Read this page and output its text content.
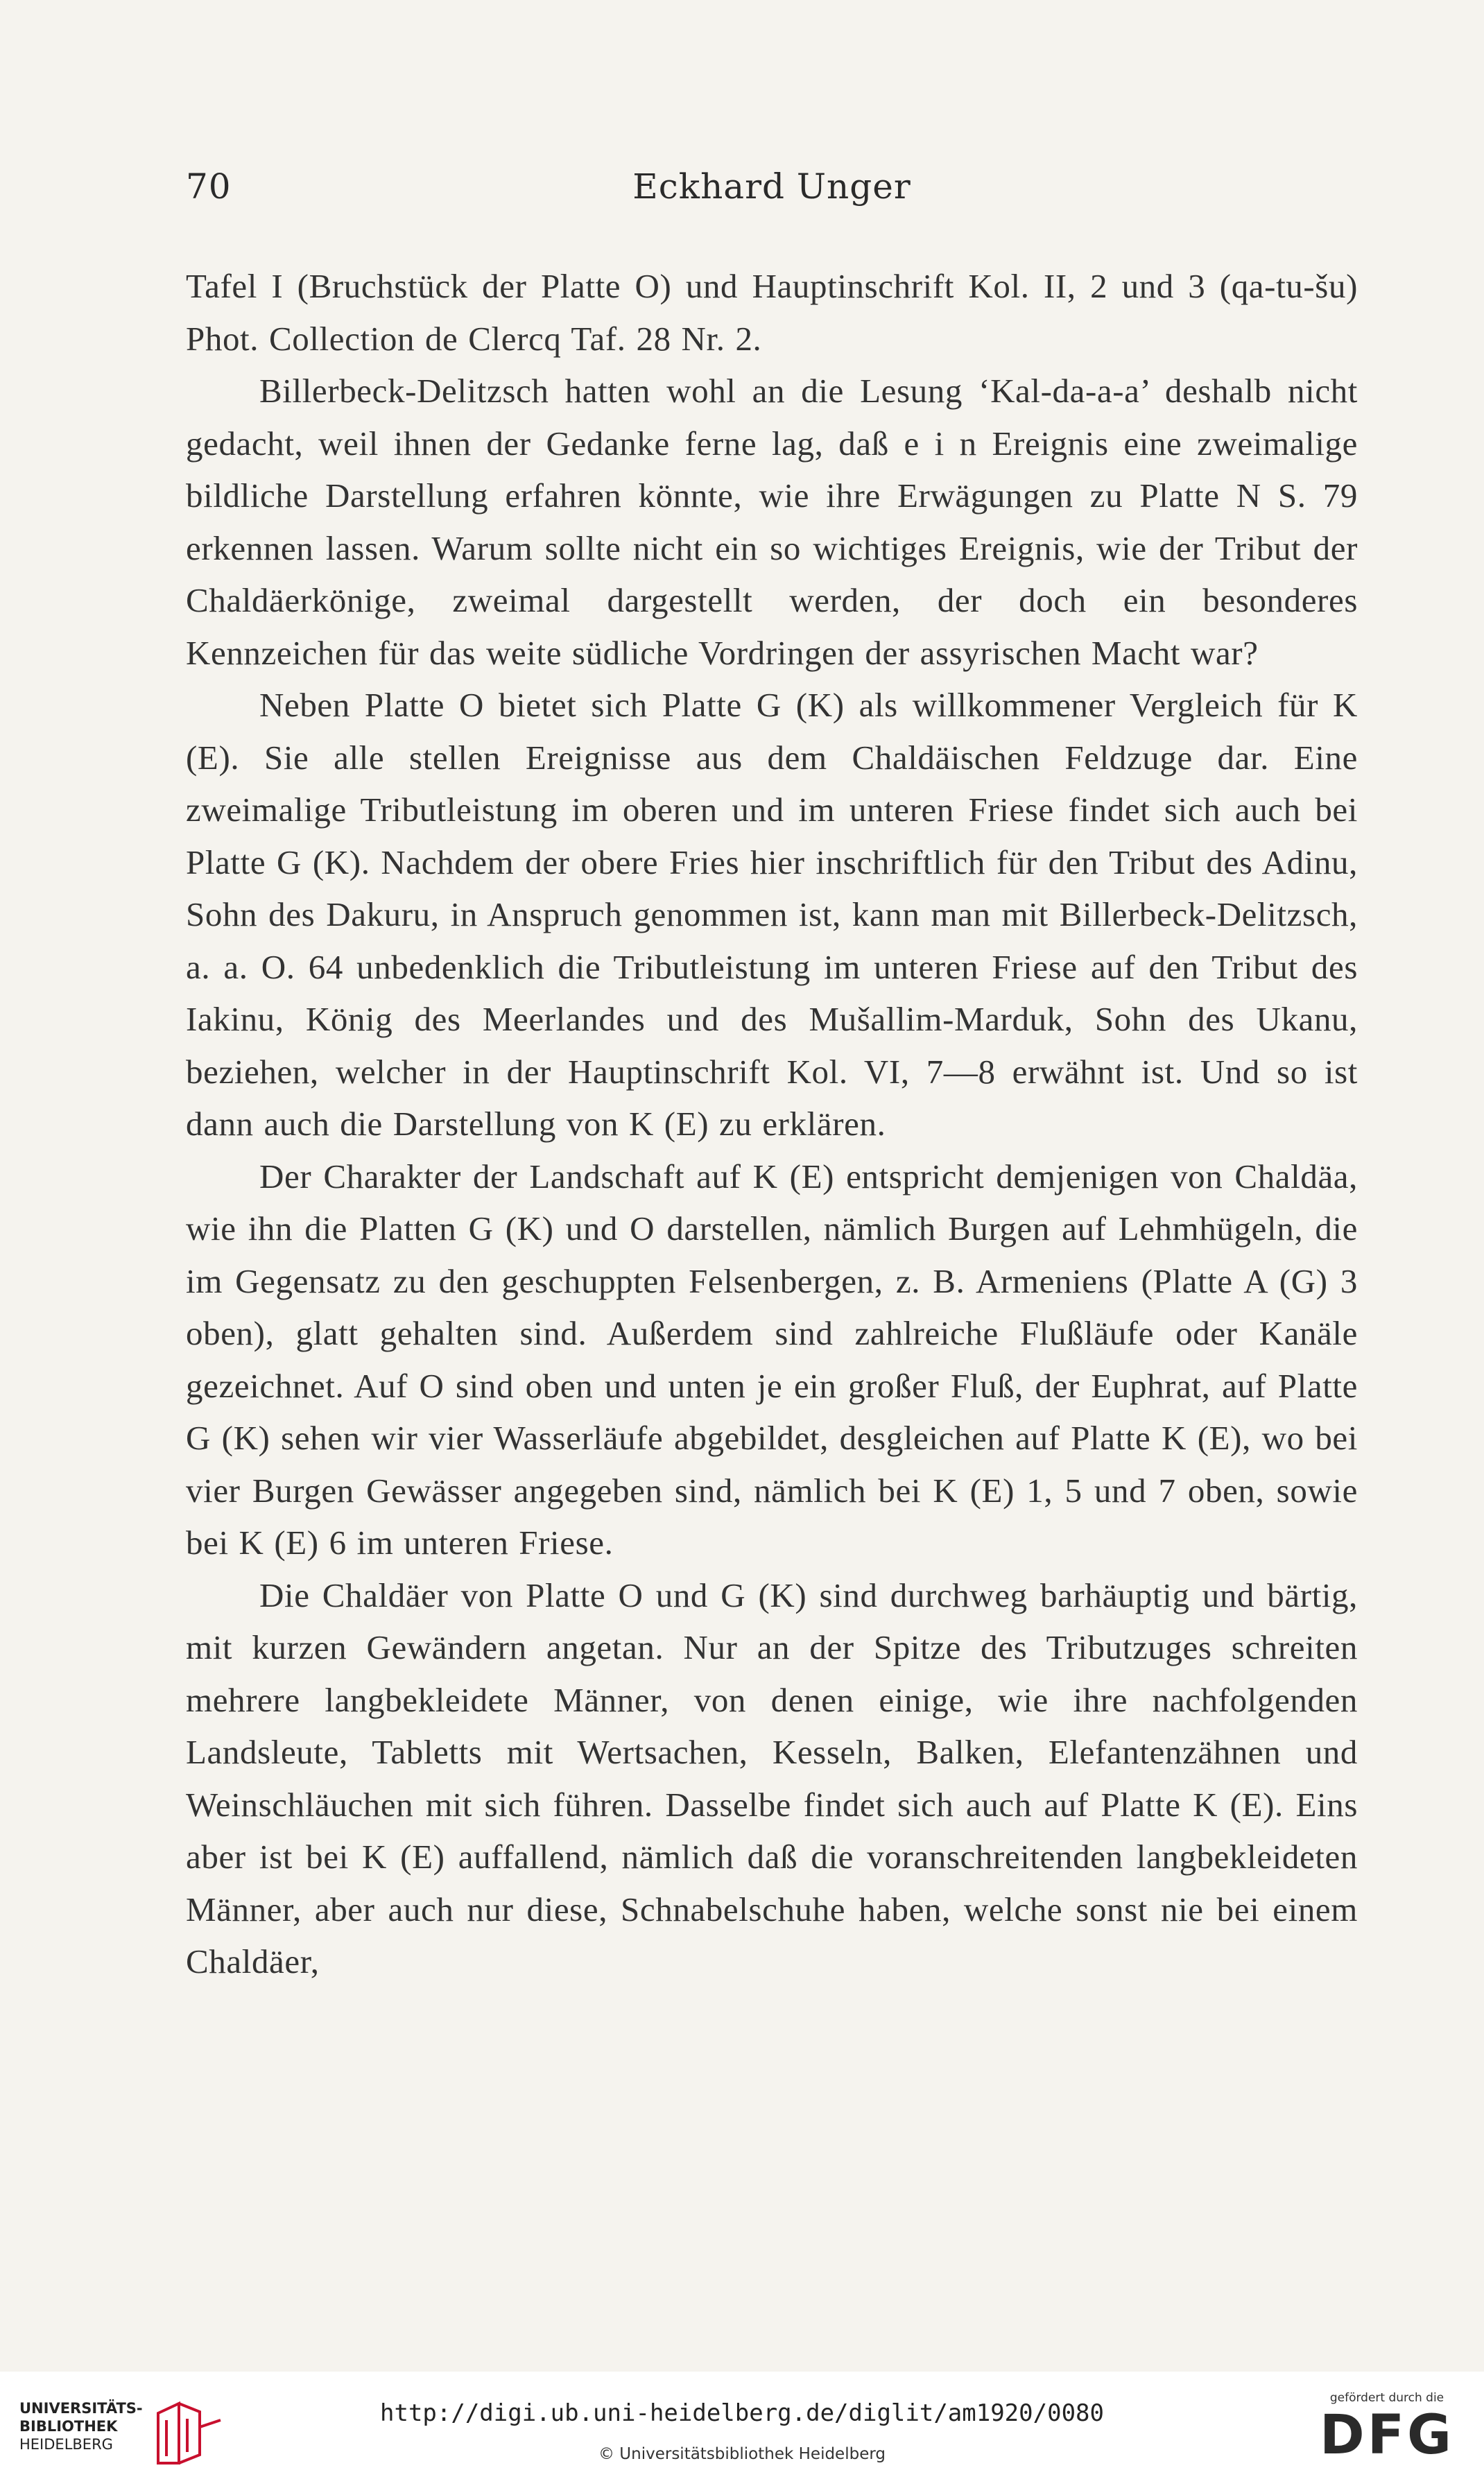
70	Eckhard Unger

Tafel I (Bruchstück der Platte O) und Hauptinschrift Kol. II, 2 und 3 (qa-tu-šu) Phot. Collection de Clercq Taf. 28 Nr. 2.

Billerbeck-Delitzsch hatten wohl an die Lesung ‘Kal-da-a-a’ deshalb nicht gedacht, weil ihnen der Gedanke ferne lag, daß e i n Ereignis eine zweimalige bildliche Darstellung erfahren könnte, wie ihre Erwägungen zu Platte N S. 79 erkennen lassen. Warum sollte nicht ein so wichtiges Ereignis, wie der Tribut der Chaldäerkönige, zweimal dargestellt werden, der doch ein besonderes Kennzeichen für das weite südliche Vordringen der assyrischen Macht war?

Neben Platte O bietet sich Platte G (K) als willkommener Vergleich für K (E). Sie alle stellen Ereignisse aus dem Chaldäischen Feldzuge dar. Eine zweimalige Tributleistung im oberen und im unteren Friese findet sich auch bei Platte G (K). Nachdem der obere Fries hier inschriftlich für den Tribut des Adinu, Sohn des Dakuru, in Anspruch genommen ist, kann man mit Billerbeck-Delitzsch, a. a. O. 64 unbedenklich die Tributleistung im unteren Friese auf den Tribut des Iakinu, König des Meerlandes und des Mušallim-Marduk, Sohn des Ukanu, beziehen, welcher in der Hauptinschrift Kol. VI, 7—8 erwähnt ist. Und so ist dann auch die Darstellung von K (E) zu erklären.

Der Charakter der Landschaft auf K (E) entspricht demjenigen von Chaldäa, wie ihn die Platten G (K) und O darstellen, nämlich Burgen auf Lehmhügeln, die im Gegensatz zu den geschuppten Felsenbergen, z. B. Armeniens (Platte A (G) 3 oben), glatt gehalten sind. Außerdem sind zahlreiche Flußläufe oder Kanäle gezeichnet. Auf O sind oben und unten je ein großer Fluß, der Euphrat, auf Platte G (K) sehen wir vier Wasserläufe abgebildet, desgleichen auf Platte K (E), wo bei vier Burgen Gewässer angegeben sind, nämlich bei K (E) 1, 5 und 7 oben, sowie bei K (E) 6 im unteren Friese.

Die Chaldäer von Platte O und G (K) sind durchweg barhäuptig und bärtig, mit kurzen Gewändern angetan. Nur an der Spitze des Tributzuges schreiten mehrere langbekleidete Männer, von denen einige, wie ihre nachfolgenden Landsleute, Tabletts mit Wertsachen, Kesseln, Balken, Elefantenzähnen und Weinschläuchen mit sich führen. Dasselbe findet sich auch auf Platte K (E). Eins aber ist bei K (E) auffallend, nämlich daß die voranschreitenden langbekleideten Männer, aber auch nur diese, Schnabelschuhe haben, welche sonst nie bei einem Chaldäer,

UNIVERSITÄTS-
BIBLIOTHEK
HEIDELBERG
http://digi.ub.uni-heidelberg.de/diglit/am1920/0080
© Universitätsbibliothek Heidelberg
gefördert durch die
DFG
